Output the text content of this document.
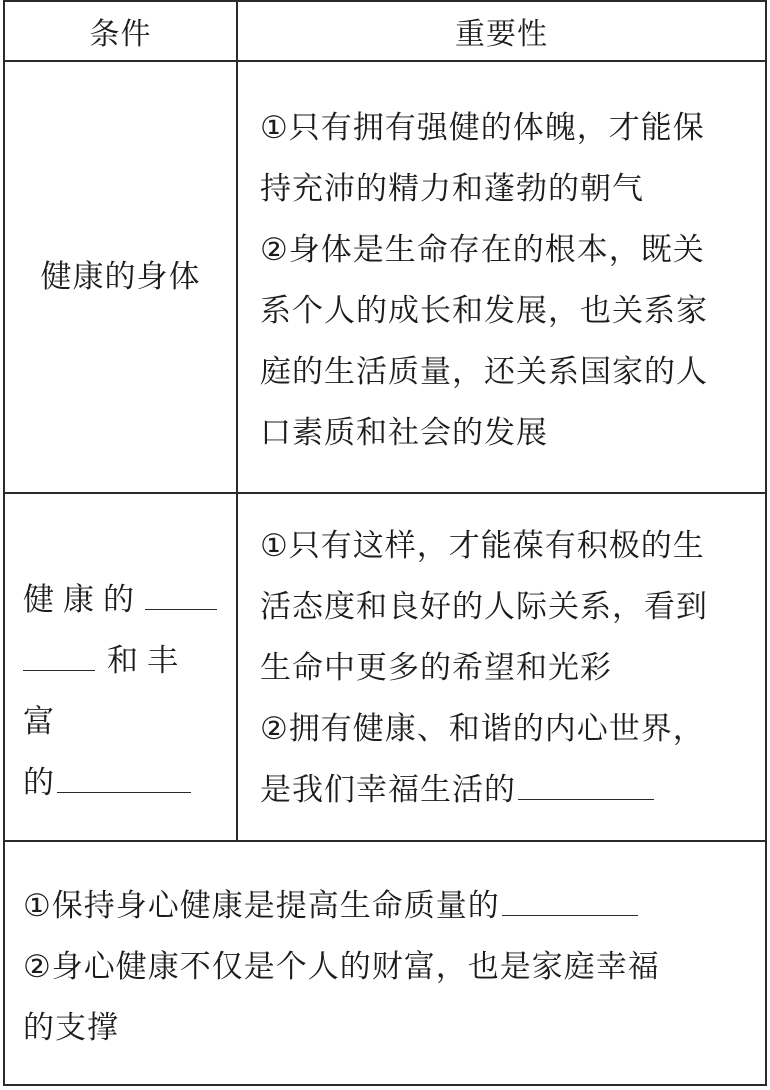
条件	重要性
健康的身体
①只有拥有强健的体魄，才能保
持充沛的精力和蓬勃的朝气
②身体是生命存在的根本，既关
系个人的成长和发展，也关系家
庭的生活质量，还关系国家的人
口素质和社会的发展
健康的
和丰富
的
①只有这样，才能葆有积极的生
活态度和良好的人际关系，看到
生命中更多的希望和光彩
②拥有健康、和谐的内心世界，
是我们幸福生活的
①保持身心健康是提高生命质量的
②身心健康不仅是个人的财富，也是家庭幸福
的支撑
